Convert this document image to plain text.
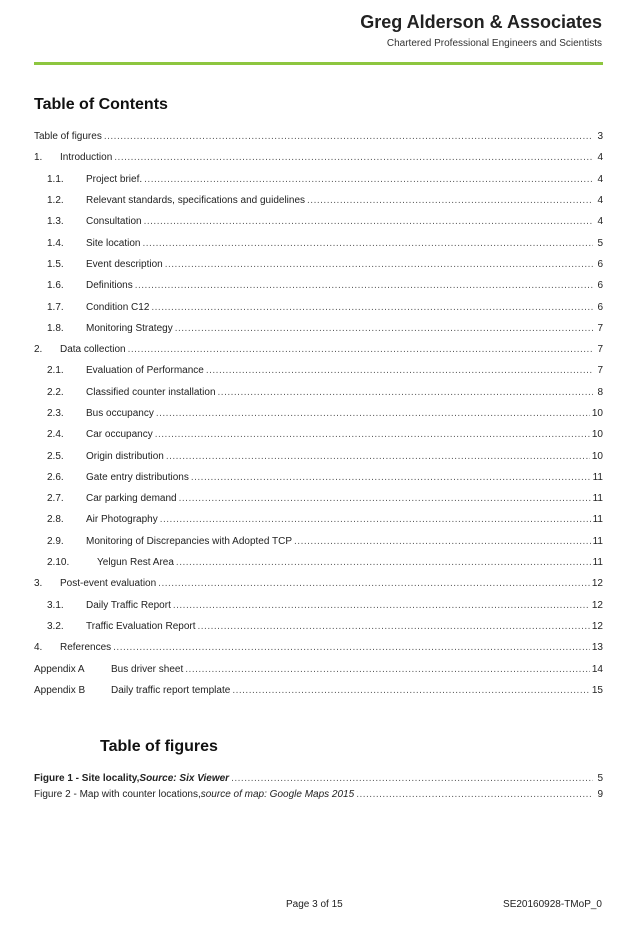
Greg Alderson & Associates
Chartered Professional Engineers and Scientists
Table of Contents
Table of figures .....	3
1.	Introduction .....	4
1.1.	Project brief. .....	4
1.2.	Relevant standards, specifications and guidelines .....	4
1.3.	Consultation .....	4
1.4.	Site location .....	5
1.5.	Event description .....	6
1.6.	Definitions .....	6
1.7.	Condition C12 .....	6
1.8.	Monitoring Strategy .....	7
2.	Data collection .....	7
2.1.	Evaluation of Performance .....	7
2.2.	Classified counter installation .....	8
2.3.	Bus occupancy .....	10
2.4.	Car occupancy .....	10
2.5.	Origin distribution .....	10
2.6.	Gate entry distributions .....	11
2.7.	Car parking demand .....	11
2.8.	Air Photography .....	11
2.9.	Monitoring of Discrepancies with Adopted TCP .....	11
2.10.	Yelgun Rest Area .....	11
3.	Post-event evaluation .....	12
3.1.	Daily Traffic Report .....	12
3.2.	Traffic Evaluation Report .....	12
4.	References .....	13
Appendix A	Bus driver sheet .....	14
Appendix B	Daily traffic report template .....	15
Table of figures
Figure 1 - Site locality, Source: Six Viewer .....	5
Figure 2 - Map with counter locations, source of map: Google Maps 2015 .....	9
Page 3 of 15	SE20160928-TMoP_0
